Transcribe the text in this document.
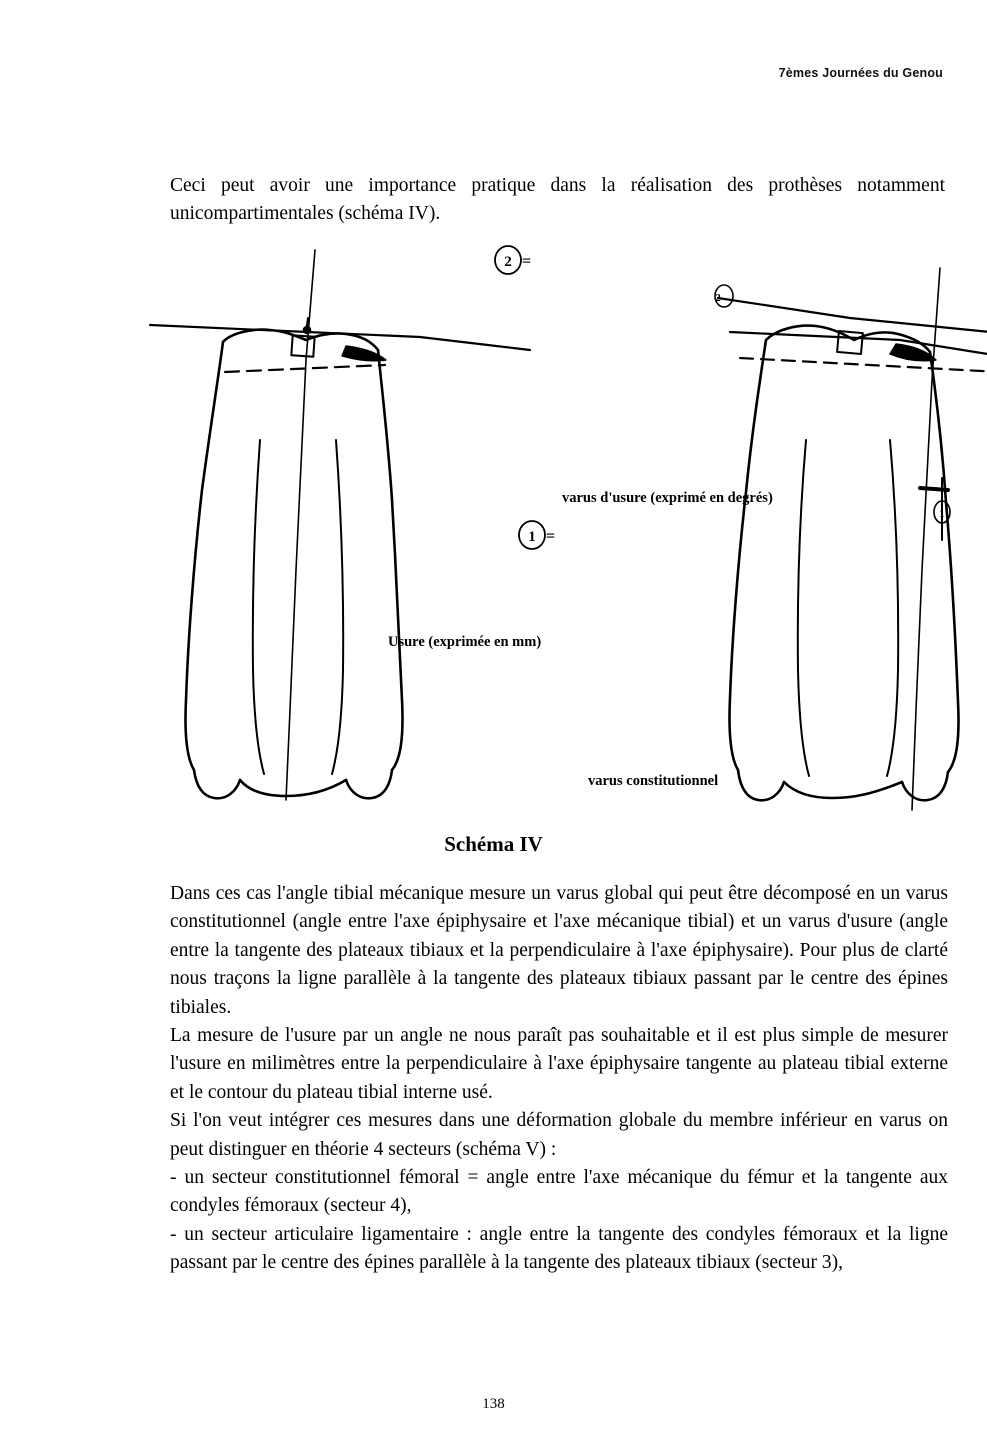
7èmes Journées du Genou
Ceci peut avoir une importance pratique dans la réalisation des prothèses notamment unicompartimentales (schéma IV).
2
1
=
=
2
1
varus d'usure (exprimé en degrés)
Usure (exprimée en mm)
varus constitutionnel
Schéma IV

Dans ces cas l'angle tibial mécanique mesure un varus global qui peut être décomposé en un varus constitutionnel (angle entre l'axe épiphysaire et l'axe mécanique tibial) et un varus d'usure (angle entre la tangente des plateaux tibiaux et la perpendiculaire à l'axe épiphysaire). Pour plus de clarté nous traçons la ligne parallèle à la tangente des plateaux tibiaux passant par le centre des épines tibiales.

La mesure de l'usure par un angle ne nous paraît pas souhaitable et il est plus simple de mesurer l'usure en milimètres entre la perpendiculaire à l'axe épiphysaire tangente au plateau tibial externe et le contour du plateau tibial interne usé.

Si l'on veut intégrer ces mesures dans une déformation globale du membre inférieur en varus on peut distinguer en théorie 4 secteurs (schéma V) :

- un secteur constitutionnel fémoral = angle entre l'axe mécanique du fémur et la tangente aux condyles fémoraux (secteur 4),

- un secteur articulaire ligamentaire : angle entre la tangente des condyles fémoraux et la ligne passant par le centre des épines parallèle à la tangente des plateaux tibiaux (secteur 3),

138
